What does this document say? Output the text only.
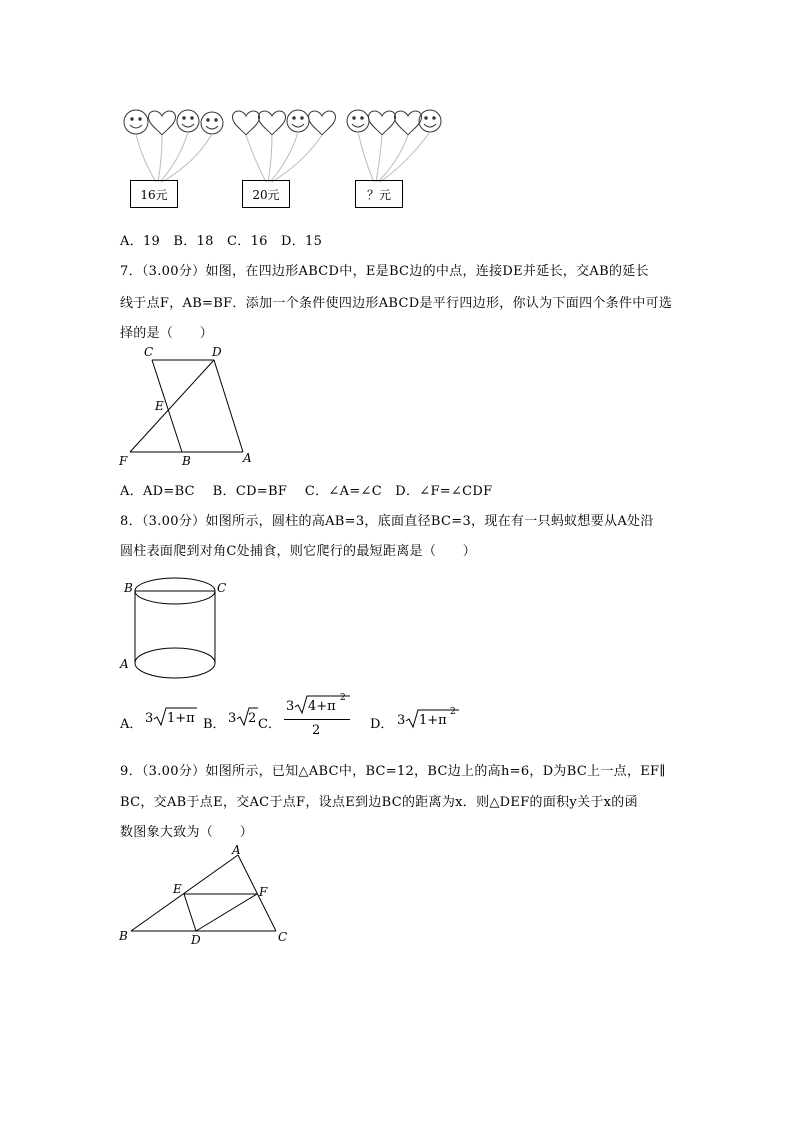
16元	20元	？元
A．19　B．18　C．16　D．15
7．（3.00分）如图，在四边形ABCD中，E是BC边的中点，连接DE并延长，交AB的延长
线于点F，AB=BF．添加一个条件使四边形ABCD是平行四边形，你认为下面四个条件中可选
择的是（　　）
C	D
E
F	B	A
A．AD=BC　 B．CD=BF　 C．∠A=∠C　D．∠F=∠CDF
8．（3.00分）如图所示，圆柱的高AB=3，底面直径BC=3，现在有一只蚂蚁想要从A处沿
圆柱表面爬到对角C处捕食，则它爬行的最短距离是（　　）
B	C
A
A． 3 1+π B． 3 2 C．
3 4+π
2
2	D． 3 1+π
2
9．（3.00分）如图所示，已知△ABC中，BC=12，BC边上的高h=6，D为BC上一点，EF∥
BC，交AB于点E，交AC于点F，设点E到边BC的距离为x．则△DEF的面积y关于x的函
数图象大致为（　　）
A
E	F
B	D	C
